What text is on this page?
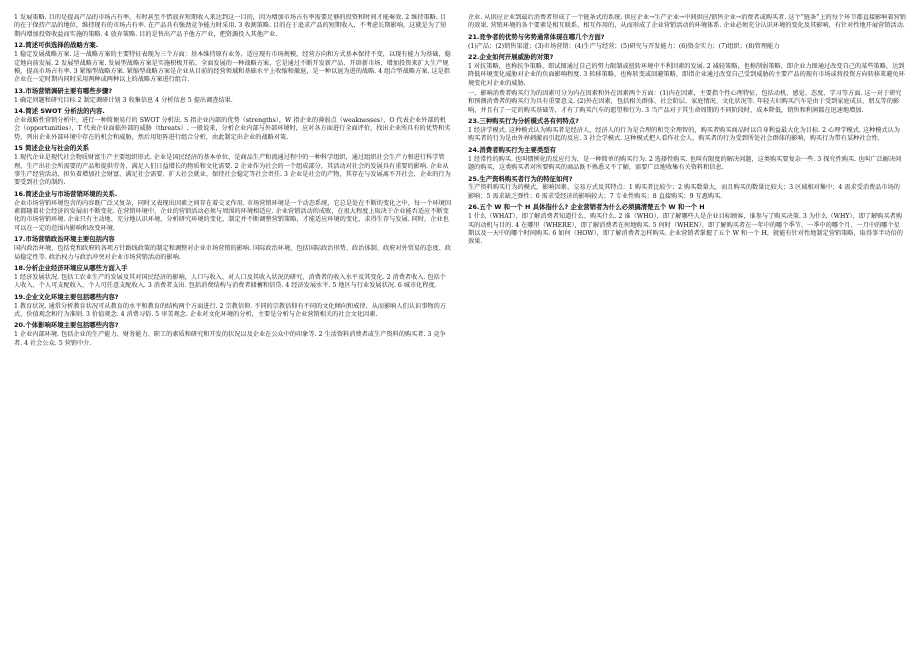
1 发展策略. 目的是提高产品的市场占有率，有时甚至不惜放弃短期收入来达到这一目的，因为增加市场占有率需要足够的投资和时间才能奏效. 2 维持策略. 目的在于保持产品的地位，维持现有的市场占有率. 在产品具有强劲竞争能力时采用. 3 收割策略. 目的在于追求产品的短期收入，不考虑长期影响，这就是为了短期内增加投资收益而实施的策略. 4 放弃策略. 目的是售出产品予他方产业，把资源投入其他产业.

12.简述可供选择的战略方案.

1 稳定发展战略方案. 这一战略方案的主要特征表现为三个方面：基本维持原有业务，适应现有市场规模，经营方向和方式基本保持不变，以现有能力为基础，稳定地向前发展. 2 发展型战略方案. 发展型战略方案是实施积极开拓、全面发展的一种战略方案，它是通过不断开发新产品、开辟新市场、增加投资来扩大生产规模，提高市场占有率. 3 紧缩型战略方案. 紧缩型战略方案是企业从目前的经营领域和基础水平上收缩和撤退，是一种以退为进的战略. 4 组合型战略方案. 这是指企业在一定时期内同时采用两种或两种以上的战略方案进行组合.

13.市场营销调研主要有哪些步骤?

1 确定问题和研究目标 2 制定调研计划 3 收集信息 4 分析信息 5 提出调查结果.

14.简述 SWOT 分析法的内容.

企业战略性营销分析中，进行一种简便易行的 SWOT 分析法. S 指企业内部的优势（strengths），W 指企业的薄弱点（weaknesses），O 代表企业外部的机会（opportunities），T 代表企业面临外部的威胁（threats）. 一般说来，分析企业内部与外部环境时，应对各方面进行全面评价，找出企业所具有的优势和劣势，列出企业外部环境中存在的机会和威胁，然后用矩阵进行组合分析，由此制定出企业的战略对策.

15 简述企业与社会的关系

1 现代企业是现代社会物质财富生产主要组织形式. 企业是国民经济的基本单位，是商品生产和流通过程中的一种科学组织，通过组织社会生产力和进行科学管理，生产出社会所需要的产品和提供劳务，满足人们日益增长的物质和文化需要. 2 企业作为社会的一个组成部分，其活动对社会的发展具有重要的影响. 企业从事生产经营活动，担负着增加社会财富、满足社会需要、扩大社会就业、保持社会稳定等社会责任. 3 企业是社会的产物，其存在与发展离不开社会，企业的行为要受到社会的制约.

16.简述企业与市场营销环境的关系.

企业市场营销环境包含的内容既广泛又复杂，同时又表现出因素之间存在着交叉作用. 市场营销环境是一个动态系统，它总是处在不断的变化之中，每一个环境因素都随着社会经济的发展而不断变化. 在营销环境中，企业的营销活动必须与周围的环境相适应. 企业营销活动的成败，在很大程度上取决于企业能否适应不断变化的市场营销环境. 企业只有主动地、充分地认识环境，分析研究环境的变化，制定并不断调整营销策略，才能适应环境的变化，求得生存与发展. 同时，企业也可以在一定的范围内影响和改变环境.

17.市场营销政治环境主要包括内容

国内政治环境，包括党和政府的各项方针路线政策的制定和调整对企业市场营销的影响. 国际政治环境，包括国际政治形势、政治体制、政府对外贸易的态度、政局稳定性等. 政治权力与政治冲突对企业市场营销活动的影响.

18.分析企业经济环境应从哪些方面入手

1 经济发展状况. 包括工农业生产的发展及其对国民经济的影响，人口与收入、对人口及其收入状况的研究，消费者的收入水平及其变化. 2 消费者收入. 包括个人收入、个人可支配收入、个人可任意支配收入. 3 消费者支出. 包括消费结构与消费者储蓄和信贷. 4 经济发展水平. 5 地区与行业发展状况. 6 城市化程度.

19.企业文化环境主要包括哪些内容?

1 教育状况. 通常分析教育状况可从教育的水平和教育的结构两个方面进行. 2 宗教信仰. 不同的宗教信仰有不同的文化倾向和戒律，从而影响人们认识事物的方式、价值观念和行为准则. 3 价值观念. 4 消费习俗. 5 审美观念. 企业对文化环境的分析，主要是分析与企业营销相关的社会文化因素.

20.个体影响环境主要包括哪些内容?

1 企业内部环境. 包括企业的生产能力、财务能力、职工的素质和研究和开发的状况以及企业在公众中的印象等. 2 生活资料消费者或生产资料的购买者. 3 竞争者. 4 社会公众. 5 营销中介.

企业. 从供应企业到最后消费者形成了一个链条式的系统. 供应企业→生产企业→中间供应/销售企业→消费者或购买者. 这个“链条”上的每个环节都直接影响着营销的效果. 营销环境的各个要素是相互联系、相互作用的，从而形成了企业营销活动的环境体系. 企业必须充分认识环境的变化及其影响，有针对性地开展营销活动.

21.竞争者的优势与劣势通常体现在哪几个方面?

(1)产品；(2)销售渠道；(3)市场营销；(4)生产与经营；(5)研究与开发能力；(6)资金实力；(7)组织；(8)管理能力

22.企业如何开展威胁的对策?

1 对抗策略，也称抗争策略，即试图通过自己的努力限制或扭转环境中不利因素的发展. 2 减轻策略，也称削弱策略，即企业力图通过改变自己的某些策略，达到降低环境变化威胁对企业的负面影响程度. 3 转移策略，也称转变或回避策略，即指企业通过改变自己受到威胁的主要产品的现有市场或将投资方向转移来避免环境变化对企业的威胁.

一、影响消费者购买行为的因素可分为内在因素和外在因素两个方面：(1)内在因素，主要指个性心理特征，包括动机、感觉、态度、学习等方面. 这一对于研究和预测消费者的购买行为具有重要意义. (2)外在因素，包括相关群体、社会阶层、家庭情况、文化状况等. 年轻夫妇购买汽车是由于受到家庭成员、朋友等的影响，并且有了一定的购买基础等，才有了购买汽车的愿望和行为. 3 当产品对于其生命周期的不同阶段时，成本降低，销售和利润都在迅速地增加.

23.三种购买行为分析模式各有何特点?

1 经济学模式. 这种模式认为购买者是经济人，经济人的行为是合理的和完全理智的，购买者购买商品时以自身利益最大化为目标. 2 心理学模式. 这种模式认为购买者的行为是由外界刺激而引起的反应. 3 社会学模式. 这种模式把人看作社会人，购买者的行为受到所处社会群体的影响，购买行为带有某种社会性.

24.消费者购买行为主要类型有

1 经常性的购买. 也叫惯例化的反应行为，是一种简单的购买行为. 2 选择性购买. 也叫有限度的解决问题，这类购买要复杂一些. 3 探究性购买. 也叫广泛解决问题的购买，这类购买者对所要购买的商品既不熟悉又不了解，需要广泛地收集有关资料和信息.

25.生产资料购买者行为的特征如何?

生产资料购买行为的模式，影响因素、交易方式及其特点：1 购买者比较少；2 购买数量大，而且购买的数量比较大；3 区域相对集中；4 需求受消费品市场的影响；5 需求缺乏弹性；6 需求受经济的影响较大；7 专业性购买；8 直接购买；9 互惠购买.

26.五个 W 和一个 H 具体指什么? 企业营销者为什么必须搞清楚五个 W 和一个 H

1 什么（WHAT），即了解消费者知道什么、购买什么. 2 谁（WHO），即了解哪些人是企业目标顾客，谁参与了购买决策. 3 为什么（WHY），即了解购买者购买的动机与目的. 4 在哪里（WHERE），即了解消费者在何地购买. 5 何时（WHEN），即了解购买者在一年中的哪个季节、一季中的哪个月、一月中的哪个星期以及一天中的哪个时间购买. 6 如何（HOW），即了解消费者怎样购买. 企业营销者掌握了五个 W 和一个 H，就能有针对性地制定营销策略，取得事半功倍的效果.
